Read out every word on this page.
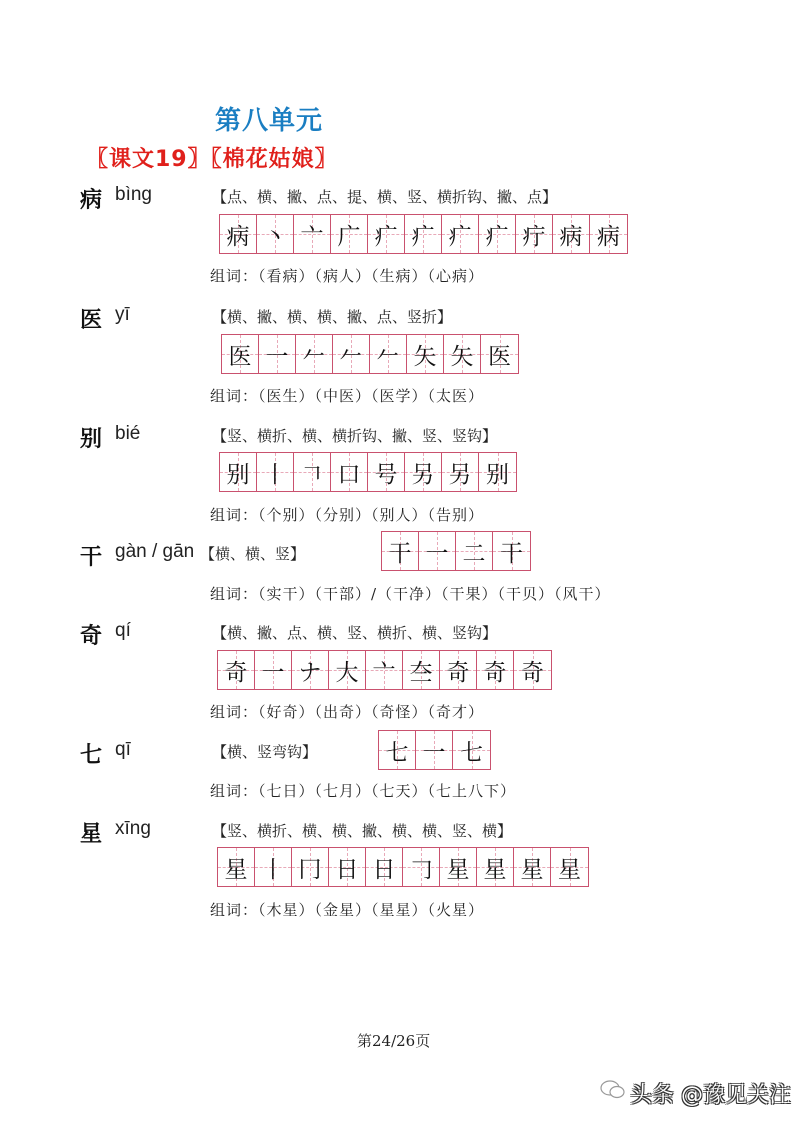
第八单元
〖课文19〗〖棉花姑娘〗
病 bìng	【点、横、撇、点、提、横、竖、横折钩、撇、点】
病 丶 亠 广 疒 疒 疒 疒 疔 病 病
组词：（看病）（病人）（生病）（心病）
医 yī	【横、撇、横、横、撇、点、竖折】
医 一 𠂉 𠂉 𠂉 矢 矢 医
组词：（医生）（中医）（医学）（太医）
别 bié	【竖、横折、横、横折钩、撇、竖、竖钩】
别 丨 𠃍 口 号 另 另 别
组词：（个别）（分别）（别人）（告别）
干 gàn / gān 【横、横、竖】	干 一 二 干
组词：（实干）（干部）/（干净）（干果）（干贝）（风干）
奇 qí	【横、撇、点、横、竖、横折、横、竖钩】
奇 一 ナ 大 亠 夳 奇 奇 奇
组词：（好奇）（出奇）（奇怪）（奇才）
七 qī	【横、竖弯钩】	七 一 七
组词：（七日）（七月）（七天）（七上八下）
星 xīng	【竖、横折、横、横、撇、横、横、竖、横】
星 丨 冂 日 日 𠃌 星 星 星 星
组词：（木星）（金星）（星星）（火星）
第24/26页
头条 @豫见关注
